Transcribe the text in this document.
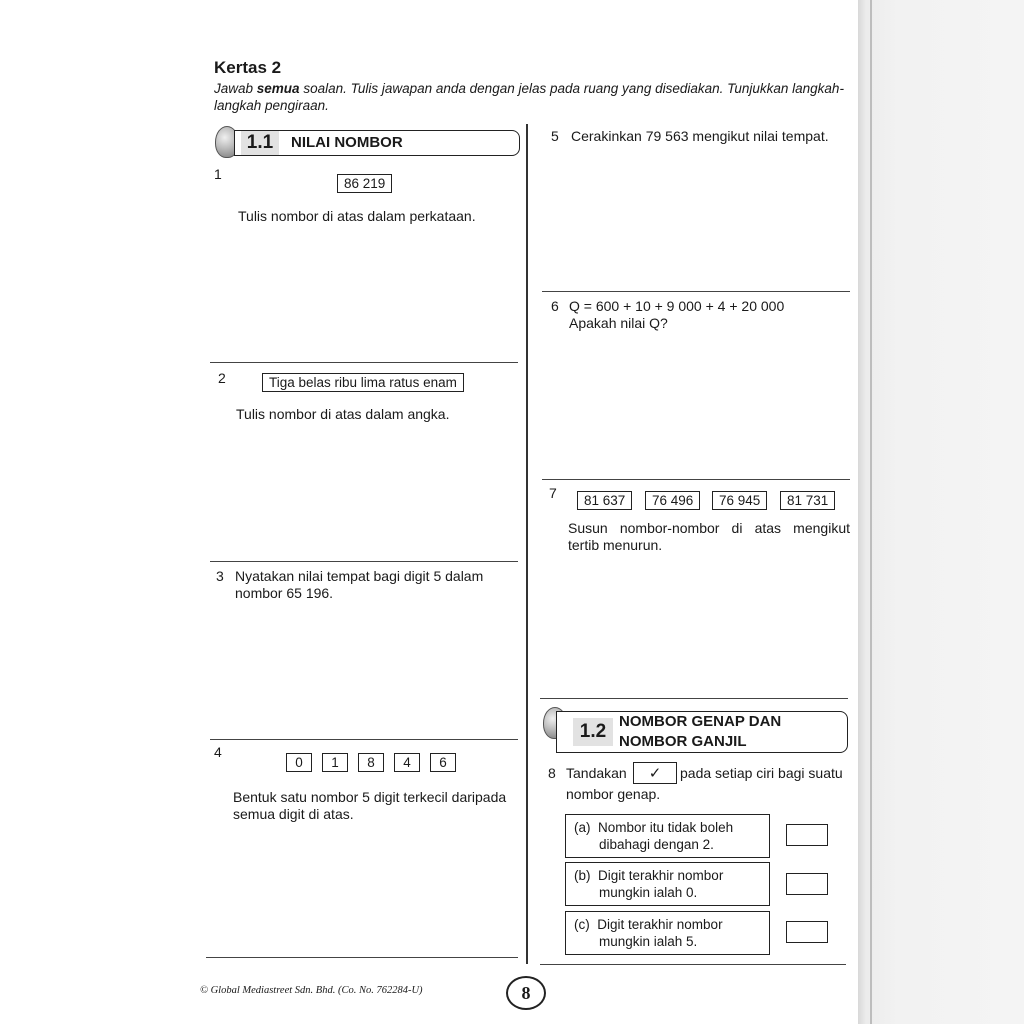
Kertas 2
Jawab semua soalan. Tulis jawapan anda dengan jelas pada ruang yang disediakan. Tunjukkan langkah-langkah pengiraan.
1.1	NILAI NOMBOR
1
86 219
Tulis nombor di atas dalam perkataan.
2	Tiga belas ribu lima ratus enam
Tulis nombor di atas dalam angka.
3 Nyatakan nilai tempat bagi digit 5 dalam
nombor 65 196.
4
0 1 8 4 6
Bentuk satu nombor 5 digit terkecil daripada
semua digit di atas.
5 Cerakinkan 79 563 mengikut nilai tempat.
6 Q = 600 + 10 + 9 000 + 4 + 20 000
Apakah nilai Q?
7	81 637	76 496	76 945	81 731
Susun nombor-nombor di atas mengikut
tertib menurun.
1.2 NOMBOR GENAP DAN
NOMBOR GANJIL
8 Tandakan	✓	pada setiap ciri bagi suatu
nombor genap.
(a) Nombor itu tidak boleh
dibahagi dengan 2.
(b) Digit terakhir nombor
mungkin ialah 0.
(c) Digit terakhir nombor
mungkin ialah 5.
© Global Mediastreet Sdn. Bhd. (Co. No. 762284-U)	8
